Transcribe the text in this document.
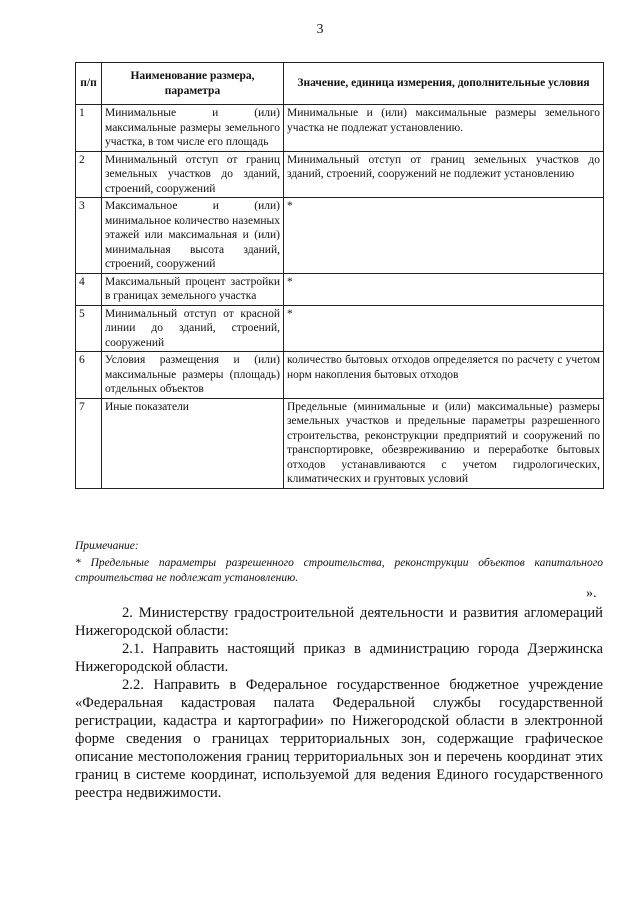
3
п/п	Наименование размера, параметра	Значение, единица измерения, дополнительные условия
1	Минимальные и (или) максимальные размеры земельного участка, в том числе его площадь	Минимальные и (или) максимальные размеры земельного участка не подлежат установлению.
2	Минимальный отступ от границ земельных участков до зданий, строений, сооружений	Минимальный отступ от границ земельных участков до зданий, строений, сооружений не подлежит установлению
3	Максимальное и (или) минимальное количество наземных этажей или максимальная и (или) минимальная высота зданий, строений, сооружений	*
4	Максимальный процент застройки в границах земельного участка	*
5	Минимальный отступ от красной линии до зданий, строений, сооружений	*
6	Условия размещения и (или) максимальные размеры (площадь) отдельных объектов	количество бытовых отходов определяется по расчету с учетом норм накопления бытовых отходов
7	Иные показатели	Предельные (минимальные и (или) максимальные) размеры земельных участков и предельные параметры разрешенного строительства, реконструкции предприятий и сооружений по транспортировке, обезвреживанию и переработке бытовых отходов устанавливаются с учетом гидрологических, климатических и грунтовых условий
Примечание:
* Предельные параметры разрешенного строительства, реконструкции объектов капитального строительства не подлежат установлению.
».

2. Министерству градостроительной деятельности и развития агломераций Нижегородской области:

2.1. Направить настоящий приказ в администрацию города Дзержинска Нижегородской области.

2.2. Направить в Федеральное государственное бюджетное учреждение «Федеральная кадастровая палата Федеральной службы государственной регистрации, кадастра и картографии» по Нижегородской области в электронной форме сведения о границах территориальных зон, содержащие графическое описание местоположения границ территориальных зон и перечень координат этих границ в системе координат, используемой для ведения Единого государственного реестра недвижимости.
